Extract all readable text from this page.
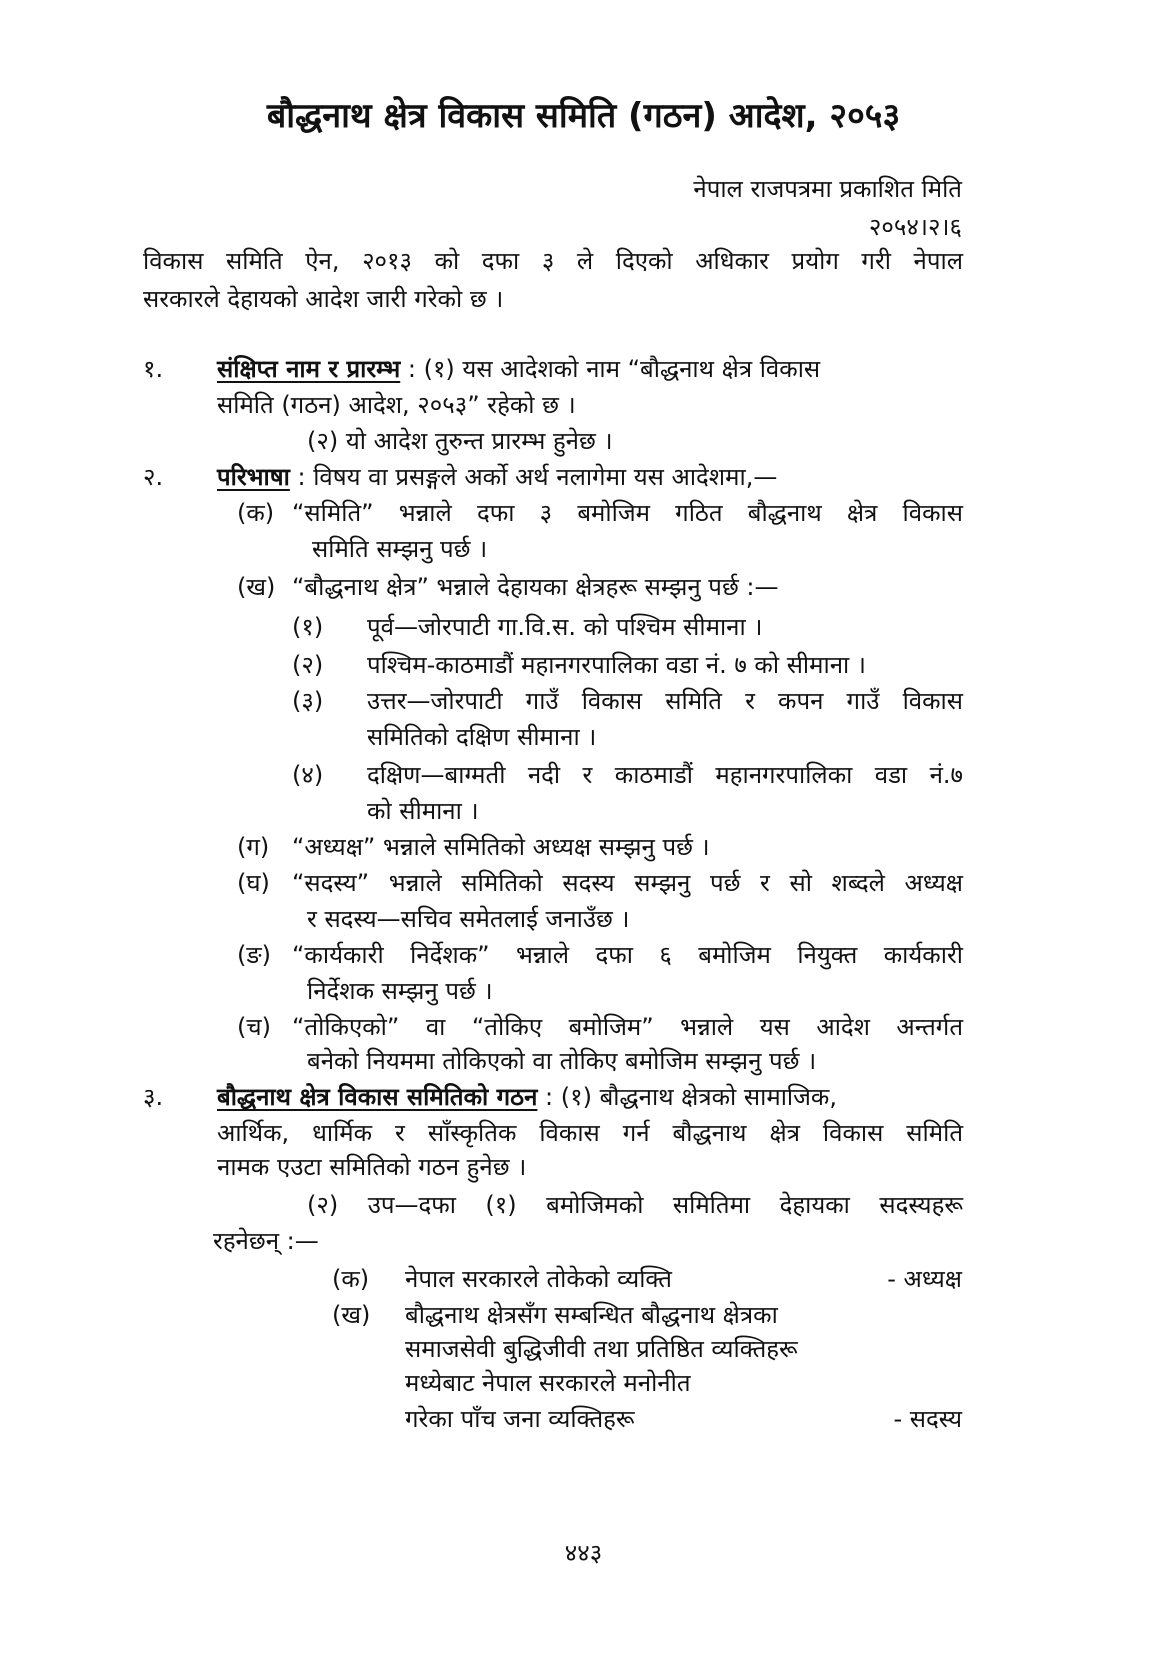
बौद्धनाथ क्षेत्र विकास समिति (गठन) आदेश, २०५३
नेपाल राजपत्रमा प्रकाशित मिति
२०५४।२।६
विकास समिति ऐन, २०१३ को दफा ३ ले दिएको अधिकार प्रयोग गरी नेपाल
सरकारले देहायको आदेश जारी गरेको छ ।
१. संक्षिप्त नाम र प्रारम्भ : (१) यस आदेशको नाम “बौद्धनाथ क्षेत्र विकास
समिति (गठन) आदेश, २०५३” रहेको छ ।
(२) यो आदेश तुरुन्त प्रारम्भ हुनेछ ।
२. परिभाषा : विषय वा प्रसङ्गले अर्को अर्थ नलागेमा यस आदेशमा,—
(क) “समिति” भन्नाले दफा ३ बमोजिम गठित बौद्धनाथ क्षेत्र विकास
समिति सम्झनु पर्छ ।
(ख) “बौद्धनाथ क्षेत्र” भन्नाले देहायका क्षेत्रहरू सम्झनु पर्छ :—
(१) पूर्व—जोरपाटी गा.वि.स. को पश्चिम सीमाना ।
(२) पश्चिम-काठमाडौं महानगरपालिका वडा नं. ७ को सीमाना ।
(३) उत्तर—जोरपाटी गाउँ विकास समिति र कपन गाउँ विकास
समितिको दक्षिण सीमाना ।
(४) दक्षिण—बाग्मती नदी र काठमाडौं महानगरपालिका वडा नं.७
को सीमाना ।
(ग) “अध्यक्ष” भन्नाले समितिको अध्यक्ष सम्झनु पर्छ ।
(घ) “सदस्य” भन्नाले समितिको सदस्य सम्झनु पर्छ र सो शब्दले अध्यक्ष
र सदस्य—सचिव समेतलाई जनाउँछ ।
(ङ) “कार्यकारी निर्देशक” भन्नाले दफा ६ बमोजिम नियुक्त कार्यकारी
निर्देशक सम्झनु पर्छ ।
(च) “तोकिएको” वा “तोकिए बमोजिम” भन्नाले यस आदेश अन्तर्गत
बनेको नियममा तोकिएको वा तोकिए बमोजिम सम्झनु पर्छ ।
३. बौद्धनाथ क्षेत्र विकास समितिको गठन : (१) बौद्धनाथ क्षेत्रको सामाजिक,
आर्थिक, धार्मिक र साँस्कृतिक विकास गर्न बौद्धनाथ क्षेत्र विकास समिति
नामक एउटा समितिको गठन हुनेछ ।
(२) उप—दफा (१) बमोजिमको समितिमा देहायका सदस्यहरू
रहनेछन् :—
(क) नेपाल सरकारले तोकेको व्यक्ति	- अध्यक्ष
(ख) बौद्धनाथ क्षेत्रसँग सम्बन्धित बौद्धनाथ क्षेत्रका
समाजसेवी बुद्धिजीवी तथा प्रतिष्ठित व्यक्तिहरू
मध्येबाट नेपाल सरकारले मनोनीत
गरेका पाँच जना व्यक्तिहरू	- सदस्य
४४३
